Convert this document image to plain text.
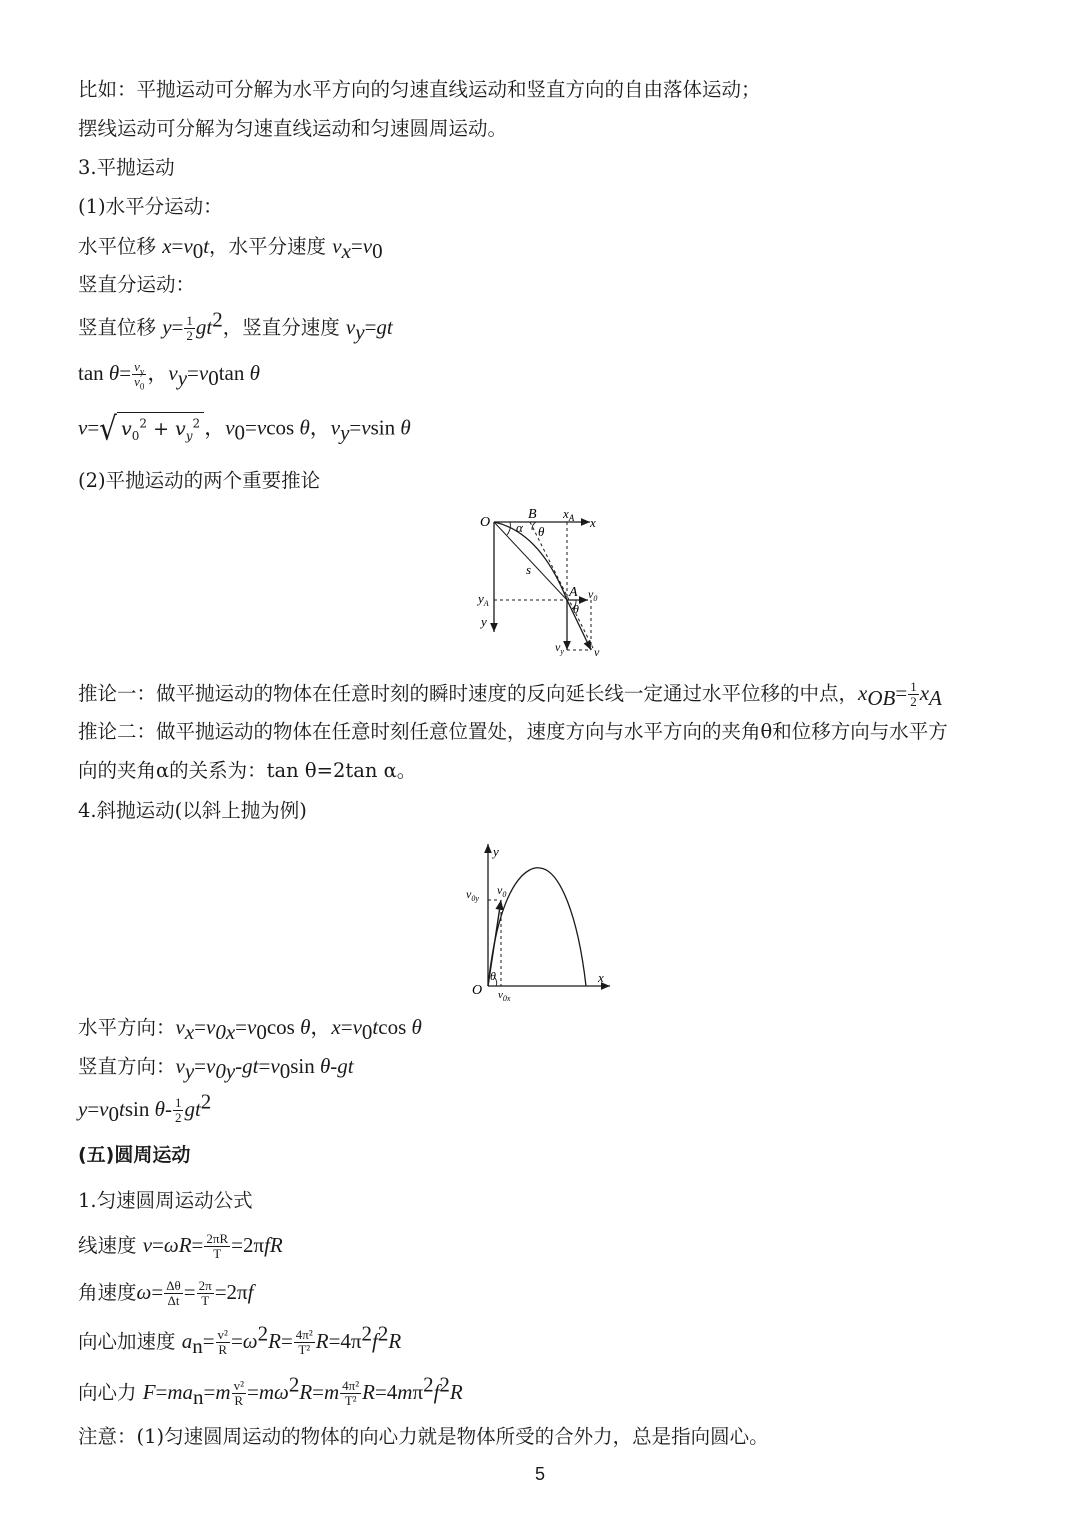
比如：平抛运动可分解为水平方向的匀速直线运动和竖直方向的自由落体运动；
摆线运动可分解为匀速直线运动和匀速圆周运动。
3.平抛运动
(1)水平分运动：
水平位移 $x=v_0t$，水平分速度 $v_x=v_0$
竖直分运动：
竖直位移 $y= \frac{1}{2} gt^2$，竖直分速度 $v_y=gt$
$\tan \theta= \frac{v_y}{v_0}$ ，$v_y=v_0\tan$ θ
v= √ $v_0^2 + v_y^2$ ，$v_0=vcos$ θ，$v_y=vsin$ θ
(2)平抛运动的两个重要推论
O
B $x_A$ x
α θ
s
A $v_0$
$y_A$
y
θ
$v_y$	v
推论一：做平抛运动的物体在任意时刻的瞬时速度的反向延长线一定通过水平位移的中点，$x_{OB}= \frac{1}{2} x_A$
推论二：做平抛运动的物体在任意时刻任意位置处，速度方向与水平方向的夹角θ和位移方向与水平方
向的夹角α的关系为：tan θ=2tan α。
4.斜抛运动(以斜上抛为例)
y
$v_{0y}$
$v_0$
θ
O $v_{0x}$
x
水平方向：$v_x=v_{0x}=v_0\cos$ θ，$x=v_0tcos$ θ
竖直方向：$v_y=v_{0y}-gt=v_0\sin$ θ-gt
$y=v_0tsin$ $\theta- \frac{1}{2} gt^2$
(五)圆周运动
1.匀速圆周运动公式
线速度 $v=\omega R= \frac{2\pi R}{T} =2\pi fR$
角速度$\omega= \frac{\Delta\theta}{\Delta t} = \frac{2\pi}{T} =2\pi f$
向心加速度 $a_n= \frac{\text{v²}}{R} =\omega^2R= \frac{\text{4π²}}{\text{T²}} R=4\pi^2f^2R$
向心力 $F=ma_n=m \frac{\text{v²}}{R} =m\omega^2R=m \frac{\text{4π²}}{\text{T²}} R=4m\pi^2f^2R$
注意：(1)匀速圆周运动的物体的向心力就是物体所受的合外力，总是指向圆心。
5
